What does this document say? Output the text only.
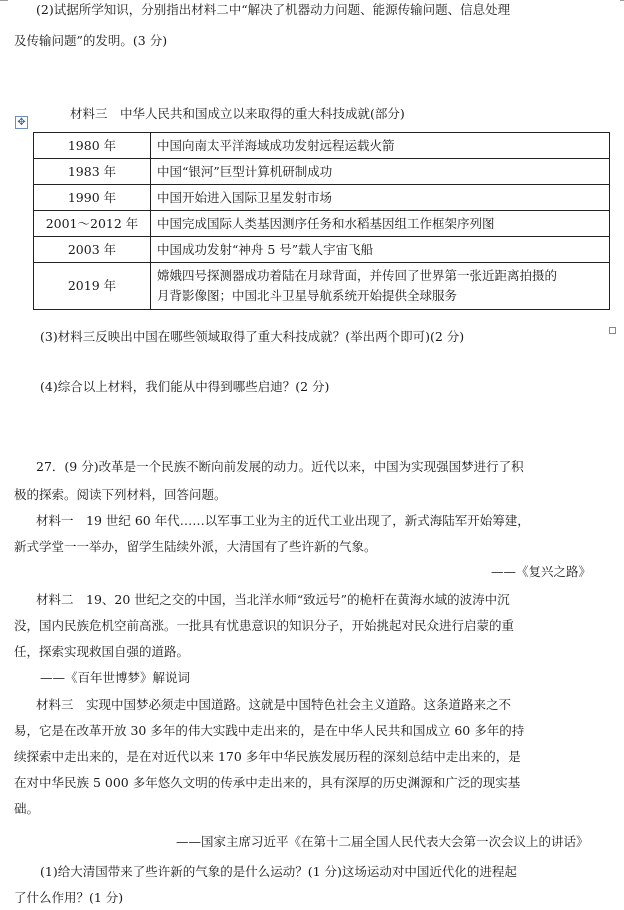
(2)试据所学知识，分别指出材料二中“解决了机器动力问题、能源传输问题、信息处理
及传输问题”的发明。(3 分)
材料三　中华人民共和国成立以来取得的重大科技成就(部分)
✥
1980 年	中国向南太平洋海域成功发射远程运载火箭
1983 年	中国“银河”巨型计算机研制成功
1990 年	中国开始进入国际卫星发射市场
2001～2012 年	中国完成国际人类基因测序任务和水稻基因组工作框架序列图
2003 年	中国成功发射“神舟 5 号”载人宇宙飞船
2019 年	嫦娥四号探测器成功着陆在月球背面，并传回了世界第一张近距离拍摄的
月背影像图；中国北斗卫星导航系统开始提供全球服务
(3)材料三反映出中国在哪些领域取得了重大科技成就？(举出两个即可)(2 分)
(4)综合以上材料，我们能从中得到哪些启迪？(2 分)
27．(9 分)改革是一个民族不断向前发展的动力。近代以来，中国为实现强国梦进行了积
极的探索。阅读下列材料，回答问题。
材料一　19 世纪 60 年代……以军事工业为主的近代工业出现了，新式海陆军开始筹建，
新式学堂一一举办，留学生陆续外派，大清国有了些许新的气象。
——《复兴之路》
材料二　19、20 世纪之交的中国，当北洋水师“致远号”的桅杆在黄海水域的波涛中沉
没，国内民族危机空前高涨。一批具有忧患意识的知识分子，开始挑起对民众进行启蒙的重
任，探索实现救国自强的道路。
——《百年世博梦》解说词
材料三　实现中国梦必须走中国道路。这就是中国特色社会主义道路。这条道路来之不
易，它是在改革开放 30 多年的伟大实践中走出来的，是在中华人民共和国成立 60 多年的持
续探索中走出来的，是在对近代以来 170 多年中华民族发展历程的深刻总结中走出来的，是
在对中华民族 5 000 多年悠久文明的传承中走出来的，具有深厚的历史渊源和广泛的现实基
础。
——国家主席习近平《在第十二届全国人民代表大会第一次会议上的讲话》
(1)给大清国带来了些许新的气象的是什么运动？(1 分)这场运动对中国近代化的进程起
了什么作用？(1 分)
